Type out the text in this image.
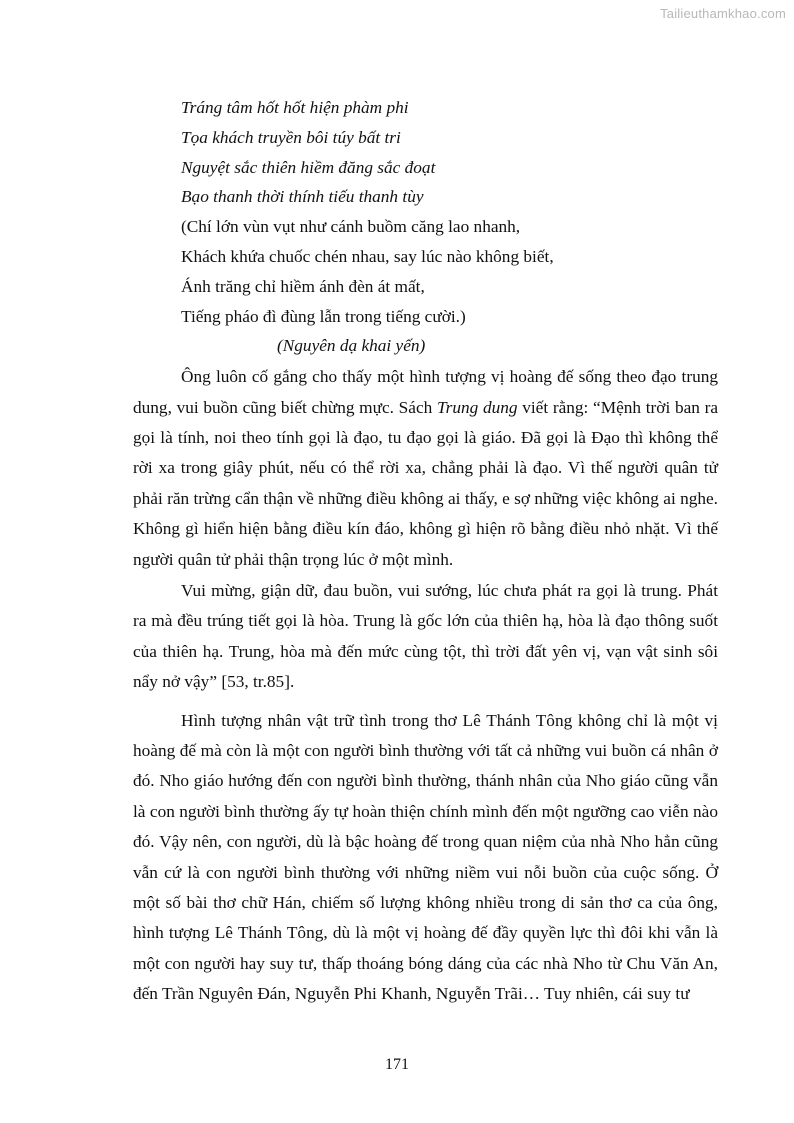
Tailieuthamkhao.com
Tráng tâm hốt hốt hiện phàm phi
Tọa khách truyền bôi túy bất tri
Nguyệt sắc thiên hiềm đăng sắc đoạt
Bạo thanh thời thính tiếu thanh tùy
(Chí lớn vùn vụt như cánh buồm căng lao nhanh,
Khách khứa chuốc chén nhau, say lúc nào không biết,
Ánh trăng chỉ hiềm ánh đèn át mất,
Tiếng pháo đì đùng lẫn trong tiếng cười.)
(Nguyên dạ khai yến)

Ông luôn cố gắng cho thấy một hình tượng vị hoàng đế sống theo đạo trung dung, vui buồn cũng biết chừng mực. Sách Trung dung viết rằng: “Mệnh trời ban ra gọi là tính, noi theo tính gọi là đạo, tu đạo gọi là giáo. Đã gọi là Đạo thì không thể rời xa trong giây phút, nếu có thể rời xa, chẳng phải là đạo. Vì thế người quân tử phải răn trừng cẩn thận về những điều không ai thấy, e sợ những việc không ai nghe. Không gì hiển hiện bằng điều kín đáo, không gì hiện rõ bằng điều nhỏ nhặt. Vì thế người quân tử phải thận trọng lúc ở một mình.

Vui mừng, giận dữ, đau buồn, vui sướng, lúc chưa phát ra gọi là trung. Phát ra mà đều trúng tiết gọi là hòa. Trung là gốc lớn của thiên hạ, hòa là đạo thông suốt của thiên hạ. Trung, hòa mà đến mức cùng tột, thì trời đất yên vị, vạn vật sinh sôi nẩy nở vậy” [53, tr.85].

Hình tượng nhân vật trữ tình trong thơ Lê Thánh Tông không chỉ là một vị hoàng đế mà còn là một con người bình thường với tất cả những vui buồn cá nhân ở đó. Nho giáo hướng đến con người bình thường, thánh nhân của Nho giáo cũng vẫn là con người bình thường ấy tự hoàn thiện chính mình đến một ngưỡng cao viễn nào đó. Vậy nên, con người, dù là bậc hoàng đế trong quan niệm của nhà Nho hẳn cũng vẫn cứ là con người bình thường với những niềm vui nỗi buồn của cuộc sống. Ở một số bài thơ chữ Hán, chiếm số lượng không nhiều trong di sản thơ ca của ông, hình tượng Lê Thánh Tông, dù là một vị hoàng đế đầy quyền lực thì đôi khi vẫn là một con người hay suy tư, thấp thoáng bóng dáng của các nhà Nho từ Chu Văn An, đến Trần Nguyên Đán, Nguyễn Phi Khanh, Nguyễn Trãi… Tuy nhiên, cái suy tư

171
